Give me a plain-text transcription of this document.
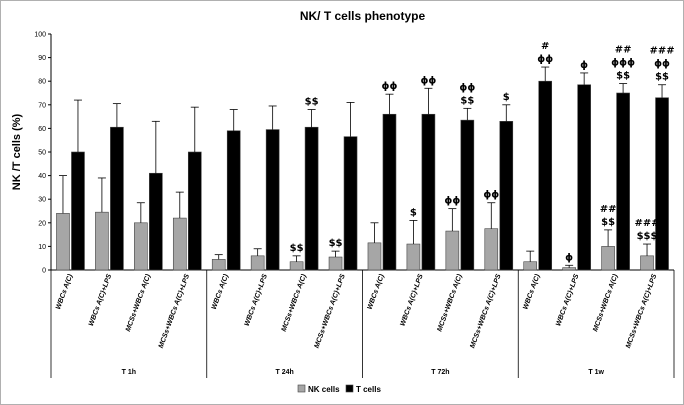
NK/ T cells phenotype
NK /T cells (%)
0
10
20
30
40
50
60
70
80
90
100
T 1h
WBCs A(C) WBCs A(C)+LPS MCSs+WBCs A(C) MCSs+WBCs A(C)+LPS
T 24h
WBCs A(C) WBCs A(C)+LPS
$$
$$
MCSs+WBCs A(C)
$$
MCSs+WBCs A(C)+LPS
T 72h
ϕϕ
WBCs A(C)
$
ϕϕ
WBCs A(C)+LPS
ϕϕ
ϕϕ
$$
MCSs+WBCs A(C)
ϕϕ
$
MCSs+WBCs A(C)+LPS
T 1w
#
ϕϕ
WBCs A(C)
ϕ
ϕ
WBCs A(C)+LPS
##
$$
##
ϕϕϕ
$$
MCSs+WBCs A(C)
###
$$$
###
ϕϕ
$$
MCSs+WBCs A(C)+LPS
NK cells T cells
